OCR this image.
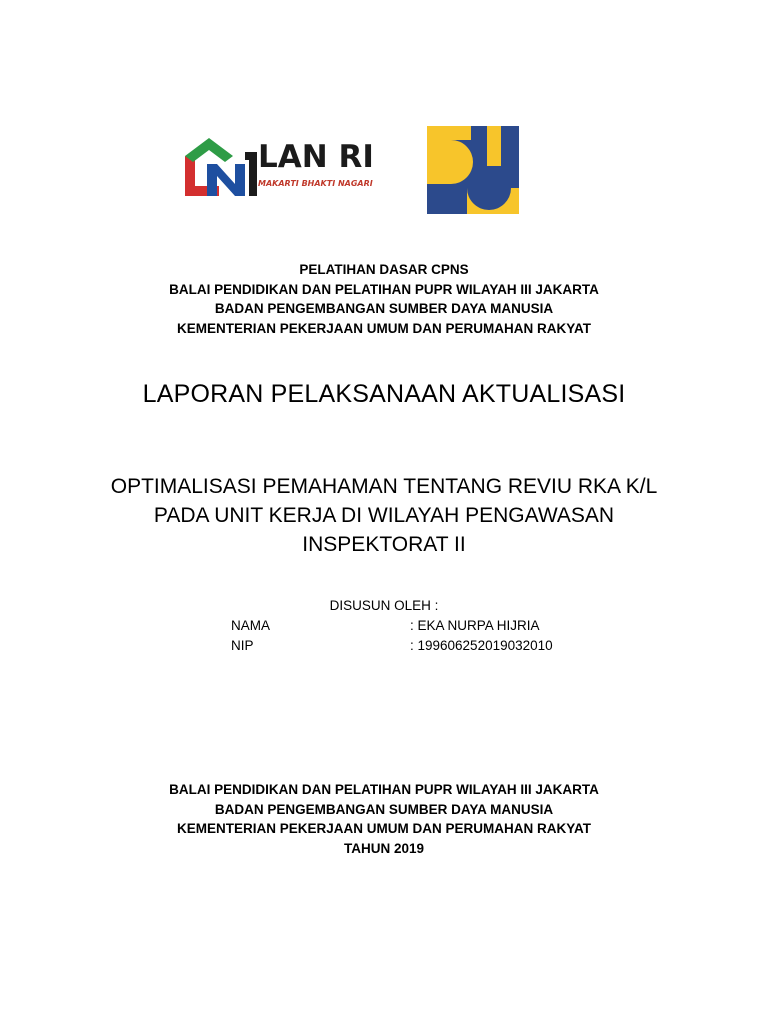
LAN RI
MAKARTI BHAKTI NAGARI
PELATIHAN DASAR CPNS
BALAI PENDIDIKAN DAN PELATIHAN PUPR WILAYAH III JAKARTA
BADAN PENGEMBANGAN SUMBER DAYA MANUSIA
KEMENTERIAN PEKERJAAN UMUM DAN PERUMAHAN RAKYAT
LAPORAN PELAKSANAAN AKTUALISASI
OPTIMALISASI PEMAHAMAN TENTANG REVIU RKA K/L
PADA UNIT KERJA DI WILAYAH PENGAWASAN
INSPEKTORAT II
DISUSUN OLEH :
NAMA	: EKA NURPA HIJRIA
NIP	: 199606252019032010
BALAI PENDIDIKAN DAN PELATIHAN PUPR WILAYAH III JAKARTA
BADAN PENGEMBANGAN SUMBER DAYA MANUSIA
KEMENTERIAN PEKERJAAN UMUM DAN PERUMAHAN RAKYAT
TAHUN 2019
